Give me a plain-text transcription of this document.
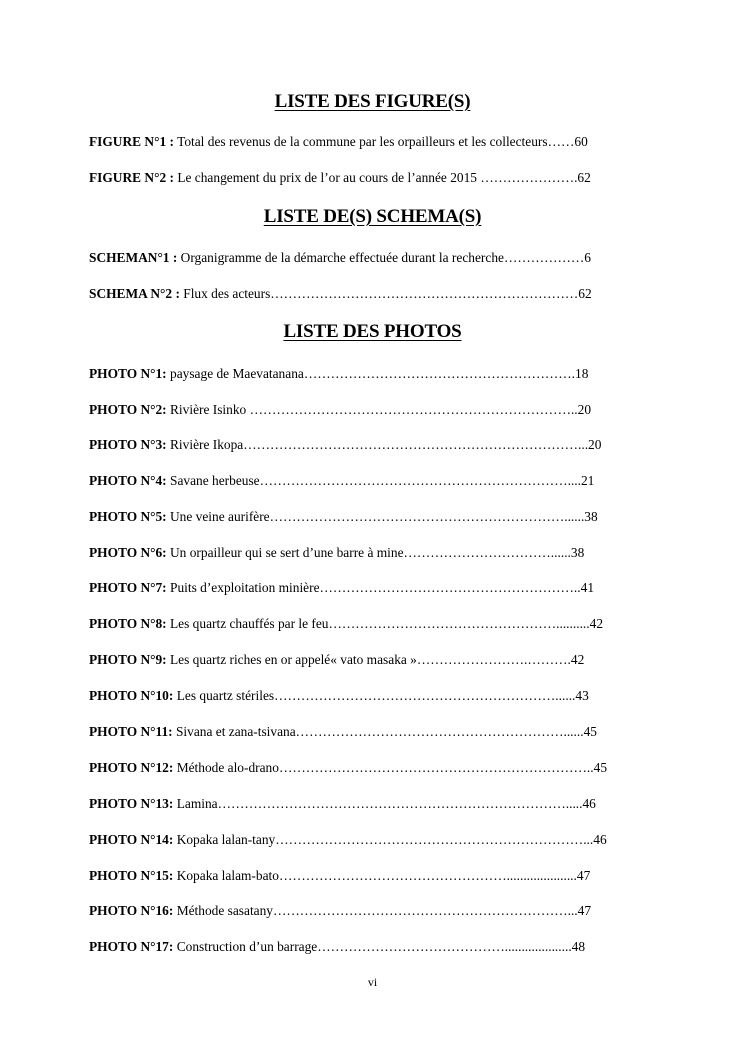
LISTE DES FIGURE(S)
FIGURE N°1 : Total des revenus de la commune par les orpailleurs et les collecteurs……60
FIGURE N°2 : Le changement du prix de l’or au cours de l’année 2015 ………………….62
LISTE DE(S) SCHEMA(S)
SCHEMAN°1 : Organigramme de la démarche effectuée durant la recherche………………6
SCHEMA N°2 : Flux des acteurs……………………………………………………………62
LISTE DES PHOTOS
PHOTO N°1: paysage de Maevatanana…………………………………………………….18
PHOTO N°2: Rivière Isinko ………………………………………………………………..20
PHOTO N°3: Rivière Ikopa…………………………………………………………………...20
PHOTO N°4: Savane herbeuse……………………………………………………………....21
PHOTO N°5: Une veine aurifère…………………………………………………………......38
PHOTO N°6: Un orpailleur qui se sert d’une barre à mine……………………………......38
PHOTO N°7: Puits d’exploitation minière…………………………………………………..41
PHOTO N°8: Les quartz chauffés par le feu……………………………………………..........42
PHOTO N°9: Les quartz riches en or appelé« vato masaka »…………………….……….42
PHOTO N°10: Les quartz stériles………………………………………………………......43
PHOTO N°11: Sivana et zana-tsivana……………………………………………………......45
PHOTO N°12: Méthode alo-drano……………………………………………………………..45
PHOTO N°13: Lamina…………………………………………………………………….....46
PHOTO N°14: Kopaka lalan-tany……………………………………………………………...46
PHOTO N°15: Kopaka lalam-bato…………………………………………….....................47
PHOTO N°16: Méthode sasatany…………………………………………………………...47
PHOTO N°17: Construction d’un barrage……………………………………....................48
vi
